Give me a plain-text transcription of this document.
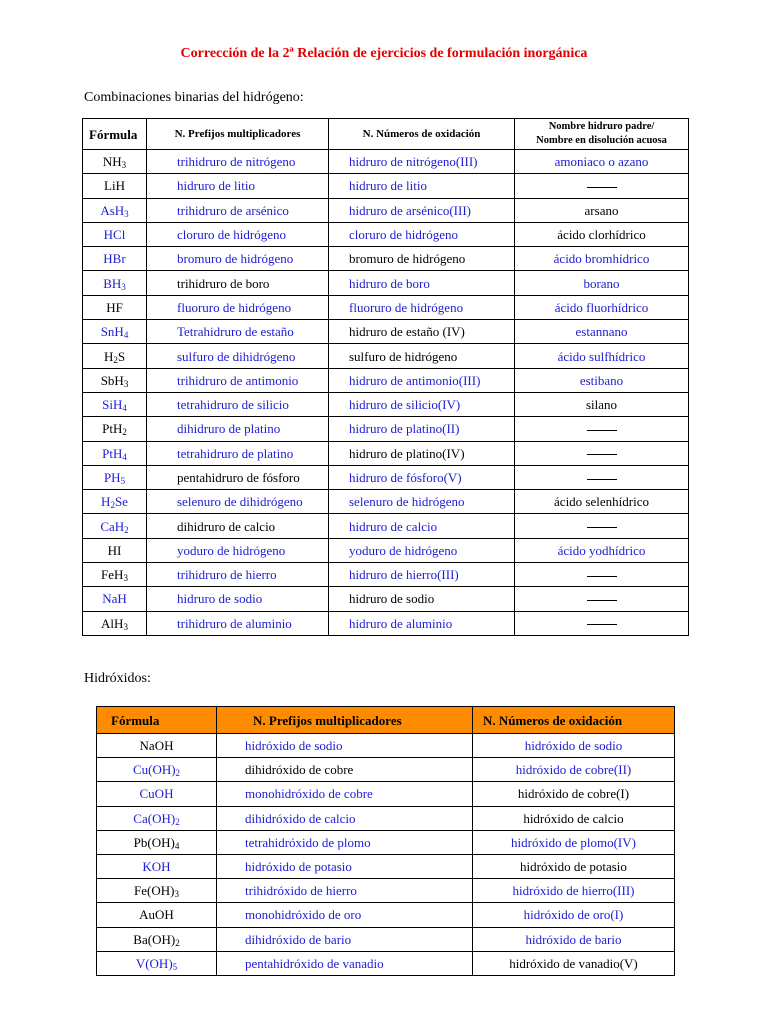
Corrección de la 2ª Relación de ejercicios de formulación inorgánica
Combinaciones binarias del hidrógeno:
Fórmula	N. Prefijos multiplicadores	N. Números de oxidación	Nombre hidruro padre/
Nombre en disolución acuosa

$NH_3$	trihidruro de nitrógeno	hidruro de nitrógeno(III)	amoniaco o azano
LiH	hidruro de litio	hidruro de litio	
AsH$_3$	trihidruro de arsénico	hidruro de arsénico(III)	arsano
HCl	cloruro de hidrógeno	cloruro de hidrógeno	ácido clorhídrico
HBr	bromuro de hidrógeno	bromuro de hidrógeno	ácido bromhídrico
$BH_3$	trihidruro de boro	hidruro de boro	borano
HF	fluoruro de hidrógeno	fluoruro de hidrógeno	ácido fluorhídrico
SnH$_4$	Tetrahidruro de estaño	hidruro de estaño (IV)	estannano
$H_2S$	sulfuro de dihidrógeno	sulfuro de hidrógeno	ácido sulfhídrico
SbH$_3$	trihidruro de antimonio	hidruro de antimonio(III)	estibano
SiH$_4$	tetrahidruro de silicio	hidruro de silicio(IV)	silano
PtH$_2$	dihidruro de platino	hidruro de platino(II)	
PtH$_4$	tetrahidruro de platino	hidruro de platino(IV)	
$PH_5$	pentahidruro de fósforo	hidruro de fósforo(V)	
$H_2Se$	selenuro de dihidrógeno	selenuro de hidrógeno	ácido selenhídrico
CaH$_2$	dihidruro de calcio	hidruro de calcio	
HI	yoduro de hidrógeno	yoduro de hidrógeno	ácido yodhídrico
FeH$_3$	trihidruro de hierro	hidruro de hierro(III)	
NaH	hidruro de sodio	hidruro de sodio	
AlH$_3$	trihidruro de aluminio	hidruro de aluminio	
Hidróxidos:
Fórmula	N. Prefijos multiplicadores	N. Números de oxidación
NaOH	hidróxido de sodio	hidróxido de sodio
$Cu(OH)_2$	dihidróxido de cobre	hidróxido de cobre(II)
CuOH	monohidróxido de cobre	hidróxido de cobre(I)
$Ca(OH)_2$	dihidróxido de calcio	hidróxido de calcio
$Pb(OH)_4$	tetrahidróxido de plomo	hidróxido de plomo(IV)
KOH	hidróxido de potasio	hidróxido de potasio
$Fe(OH)_3$	trihidróxido de hierro	hidróxido de hierro(III)
AuOH	monohidróxido de oro	hidróxido de oro(I)
$Ba(OH)_2$	dihidróxido de bario	hidróxido de bario
$V(OH)_5$	pentahidróxido de vanadio	hidróxido de vanadio(V)
